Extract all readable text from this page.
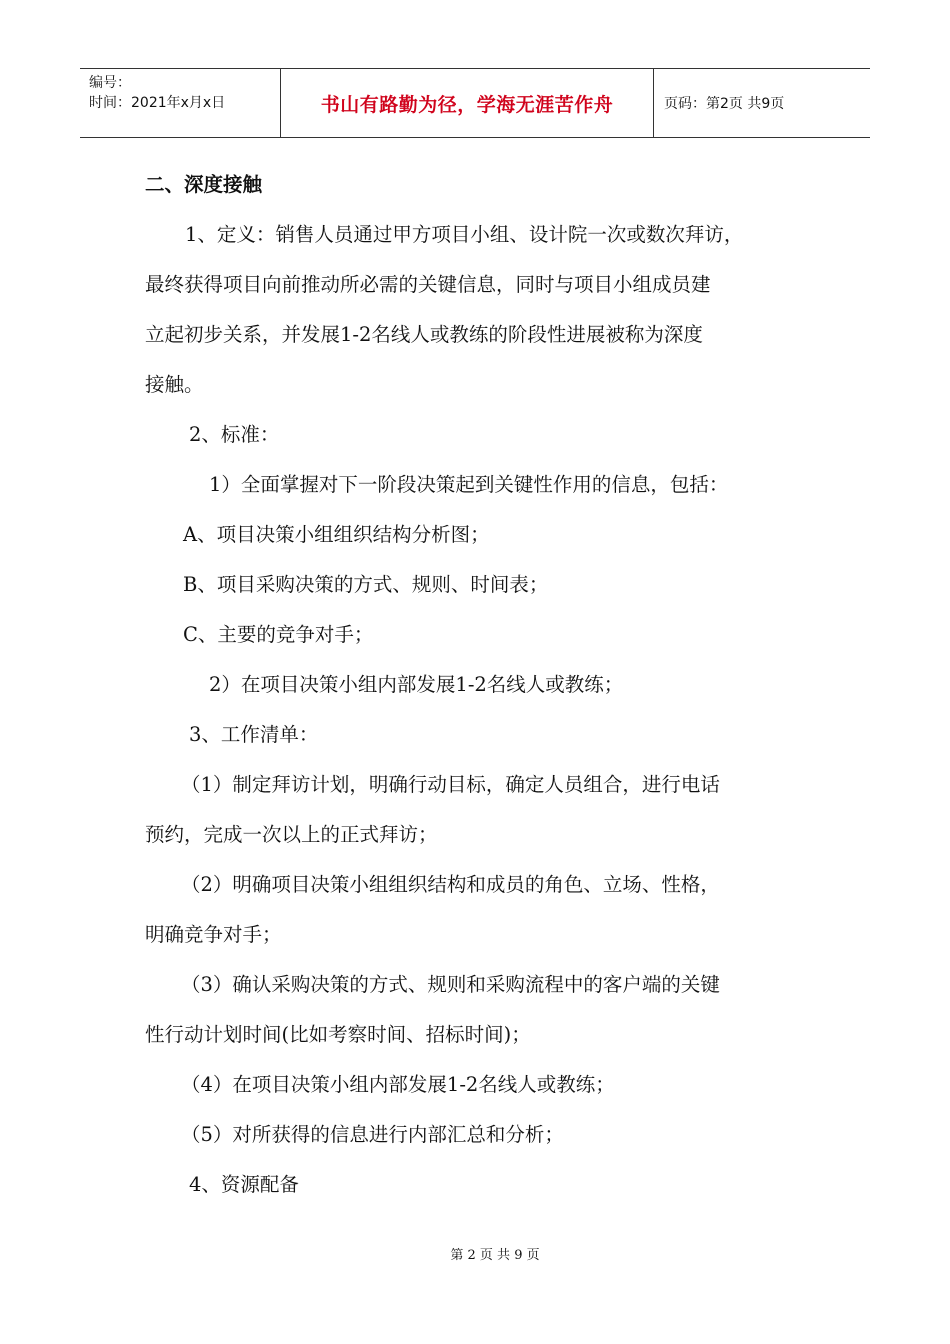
编号：
时间：2021年x月x日	书山有路勤为径，学海无涯苦作舟	页码：第2页 共9页
二、深度接触
1、定义：销售人员通过甲方项目小组、设计院一次或数次拜访，
最终获得项目向前推动所必需的关键信息，同时与项目小组成员建
立起初步关系，并发展1-2名线人或教练的阶段性进展被称为深度
接触。
2、标准：
1）全面掌握对下一阶段决策起到关键性作用的信息，包括：
A、项目决策小组组织结构分析图；
B、项目采购决策的方式、规则、时间表；
C、主要的竞争对手；
2）在项目决策小组内部发展1-2名线人或教练；
3、工作清单：
（1）制定拜访计划，明确行动目标，确定人员组合，进行电话
预约，完成一次以上的正式拜访；
（2）明确项目决策小组组织结构和成员的角色、立场、性格，
明确竞争对手；
（3）确认采购决策的方式、规则和采购流程中的客户端的关键
性行动计划时间(比如考察时间、招标时间)；
（4）在项目决策小组内部发展1-2名线人或教练；
（5）对所获得的信息进行内部汇总和分析；
4、资源配备
第 2 页 共 9 页
